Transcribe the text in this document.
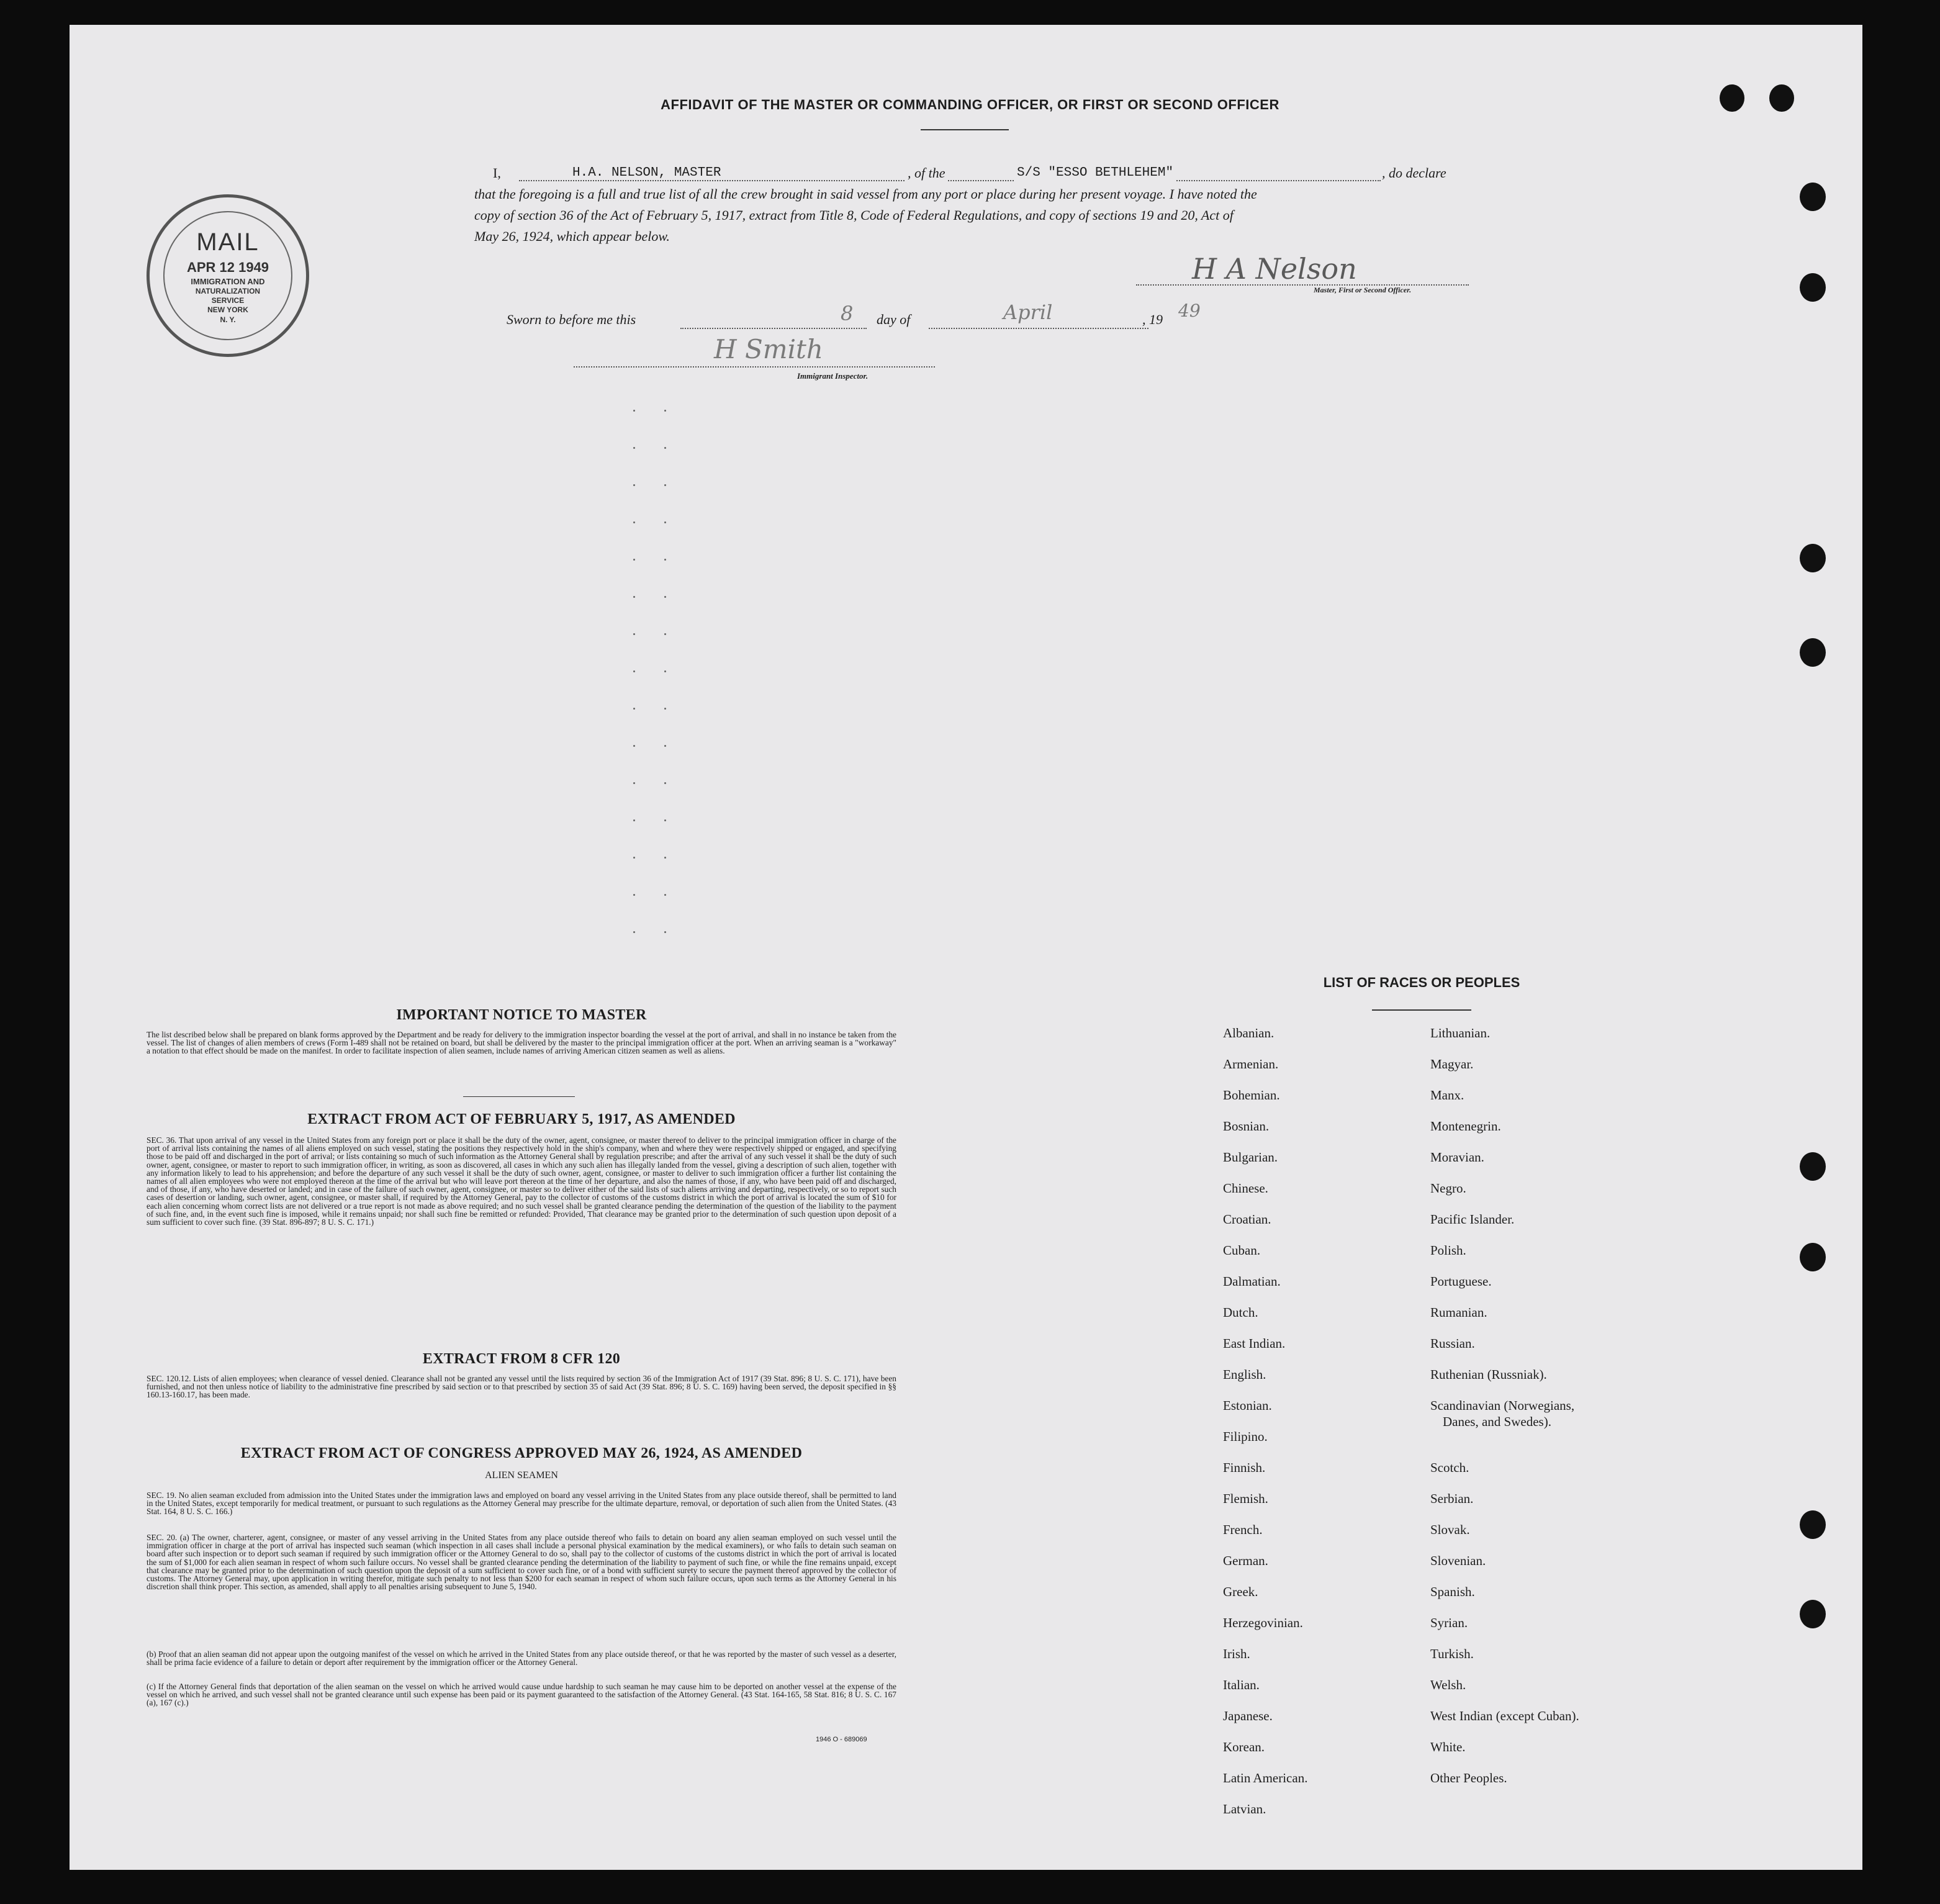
AFFIDAVIT OF THE MASTER OR COMMANDING OFFICER, OR FIRST OR SECOND OFFICER
I,	H.A. NELSON, MASTER	, of the	S/S "ESSO BETHLEHEM"	, do declare
that the foregoing is a full and true list of all the crew brought in said vessel from any port or place during her present voyage. I have noted the
copy of section 36 of the Act of February 5, 1917, extract from Title 8, Code of Federal Regulations, and copy of sections 19 and 20, Act of
May 26, 1924, which appear below.
H A Nelson
Master, First or Second Officer.
Sworn to before me this	8 day of	April	, 19 49
H Smith
Immigrant Inspector.
MAIL
APR 12 1949
IMMIGRATION AND
NATURALIZATION
SERVICE
NEW YORK
N. Y.
IMPORTANT NOTICE TO MASTER
The list described below shall be prepared on blank forms approved by the Department and be ready for delivery to the immigration inspector boarding the vessel at the port of arrival, and shall in no instance be taken from the vessel. The list of changes of alien members of crews (Form I-489 shall not be retained on board, but shall be delivered by the master to the principal immigration officer at the port. When an arriving seaman is a "workaway" a notation to that effect should be made on the manifest. In order to facilitate inspection of alien seamen, include names of arriving American citizen seamen as well as aliens.
EXTRACT FROM ACT OF FEBRUARY 5, 1917, AS AMENDED
SEC. 36. That upon arrival of any vessel in the United States from any foreign port or place it shall be the duty of the owner, agent, consignee, or master thereof to deliver to the principal immigration officer in charge of the port of arrival lists containing the names of all aliens employed on such vessel, stating the positions they respectively hold in the ship's company, when and where they were respectively shipped or engaged, and specifying those to be paid off and discharged in the port of arrival; or lists containing so much of such information as the Attorney General shall by regulation prescribe; and after the arrival of any such vessel it shall be the duty of such owner, agent, consignee, or master to report to such immigration officer, in writing, as soon as discovered, all cases in which any such alien has illegally landed from the vessel, giving a description of such alien, together with any information likely to lead to his apprehension; and before the departure of any such vessel it shall be the duty of such owner, agent, consignee, or master to deliver to such immigration officer a further list containing the names of all alien employees who were not employed thereon at the time of the arrival but who will leave port thereon at the time of her departure, and also the names of those, if any, who have been paid off and discharged, and of those, if any, who have deserted or landed; and in case of the failure of such owner, agent, consignee, or master so to deliver either of the said lists of such aliens arriving and departing, respectively, or so to report such cases of desertion or landing, such owner, agent, consignee, or master shall, if required by the Attorney General, pay to the collector of customs of the customs district in which the port of arrival is located the sum of $10 for each alien concerning whom correct lists are not delivered or a true report is not made as above required; and no such vessel shall be granted clearance pending the determination of the question of the liability to the payment of such fine, and, in the event such fine is imposed, while it remains unpaid; nor shall such fine be remitted or refunded: Provided, That clearance may be granted prior to the determination of such question upon deposit of a sum sufficient to cover such fine. (39 Stat. 896-897; 8 U. S. C. 171.)
EXTRACT FROM 8 CFR 120
SEC. 120.12. Lists of alien employees; when clearance of vessel denied. Clearance shall not be granted any vessel until the lists required by section 36 of the Immigration Act of 1917 (39 Stat. 896; 8 U. S. C. 171), have been furnished, and not then unless notice of liability to the administrative fine prescribed by said section or to that prescribed by section 35 of said Act (39 Stat. 896; 8 U. S. C. 169) having been served, the deposit specified in §§ 160.13-160.17, has been made.
EXTRACT FROM ACT OF CONGRESS APPROVED MAY 26, 1924, AS AMENDED
ALIEN SEAMEN
SEC. 19. No alien seaman excluded from admission into the United States under the immigration laws and employed on board any vessel arriving in the United States from any place outside thereof, shall be permitted to land in the United States, except temporarily for medical treatment, or pursuant to such regulations as the Attorney General may prescribe for the ultimate departure, removal, or deportation of such alien from the United States. (43 Stat. 164, 8 U. S. C. 166.)
SEC. 20. (a) The owner, charterer, agent, consignee, or master of any vessel arriving in the United States from any place outside thereof who fails to detain on board any alien seaman employed on such vessel until the immigration officer in charge at the port of arrival has inspected such seaman (which inspection in all cases shall include a personal physical examination by the medical examiners), or who fails to detain such seaman on board after such inspection or to deport such seaman if required by such immigration officer or the Attorney General to do so, shall pay to the collector of customs of the customs district in which the port of arrival is located the sum of $1,000 for each alien seaman in respect of whom such failure occurs. No vessel shall be granted clearance pending the determination of the liability to payment of such fine, or while the fine remains unpaid, except that clearance may be granted prior to the determination of such question upon the deposit of a sum sufficient to cover such fine, or of a bond with sufficient surety to secure the payment thereof approved by the collector of customs. The Attorney General may, upon application in writing therefor, mitigate such penalty to not less than $200 for each seaman in respect of whom such failure occurs, upon such terms as the Attorney General in his discretion shall think proper. This section, as amended, shall apply to all penalties arising subsequent to June 5, 1940.
(b) Proof that an alien seaman did not appear upon the outgoing manifest of the vessel on which he arrived in the United States from any place outside thereof, or that he was reported by the master of such vessel as a deserter, shall be prima facie evidence of a failure to detain or deport after requirement by the immigration officer or the Attorney General.
(c) If the Attorney General finds that deportation of the alien seaman on the vessel on which he arrived would cause undue hardship to such seaman he may cause him to be deported on another vessel at the expense of the vessel on which he arrived, and such vessel shall not be granted clearance until such expense has been paid or its payment guaranteed to the satisfaction of the Attorney General. (43 Stat. 164-165, 58 Stat. 816; 8 U. S. C. 167 (a), 167 (c).)
1946 O - 689069
LIST OF RACES OR PEOPLES
Albanian.
Armenian.
Bohemian.
Bosnian.
Bulgarian.
Chinese.
Croatian.
Cuban.
Dalmatian.
Dutch.
East Indian.
English.
Estonian.
Filipino.
Finnish.
Flemish.
French.
German.
Greek.
Herzegovinian.
Irish.
Italian.
Japanese.
Korean.
Latin American.
Latvian.
Lithuanian.
Magyar.
Manx.
Montenegrin.
Moravian.
Negro.
Pacific Islander.
Polish.
Portuguese.
Rumanian.
Russian.
Ruthenian (Russniak).
Scandinavian (Norwegians,
Scotch.
Serbian.
Slovak.
Slovenian.
Spanish.
Syrian.
Turkish.
Welsh.
West Indian (except Cuban).
White.
Other Peoples.
Danes, and Swedes).
